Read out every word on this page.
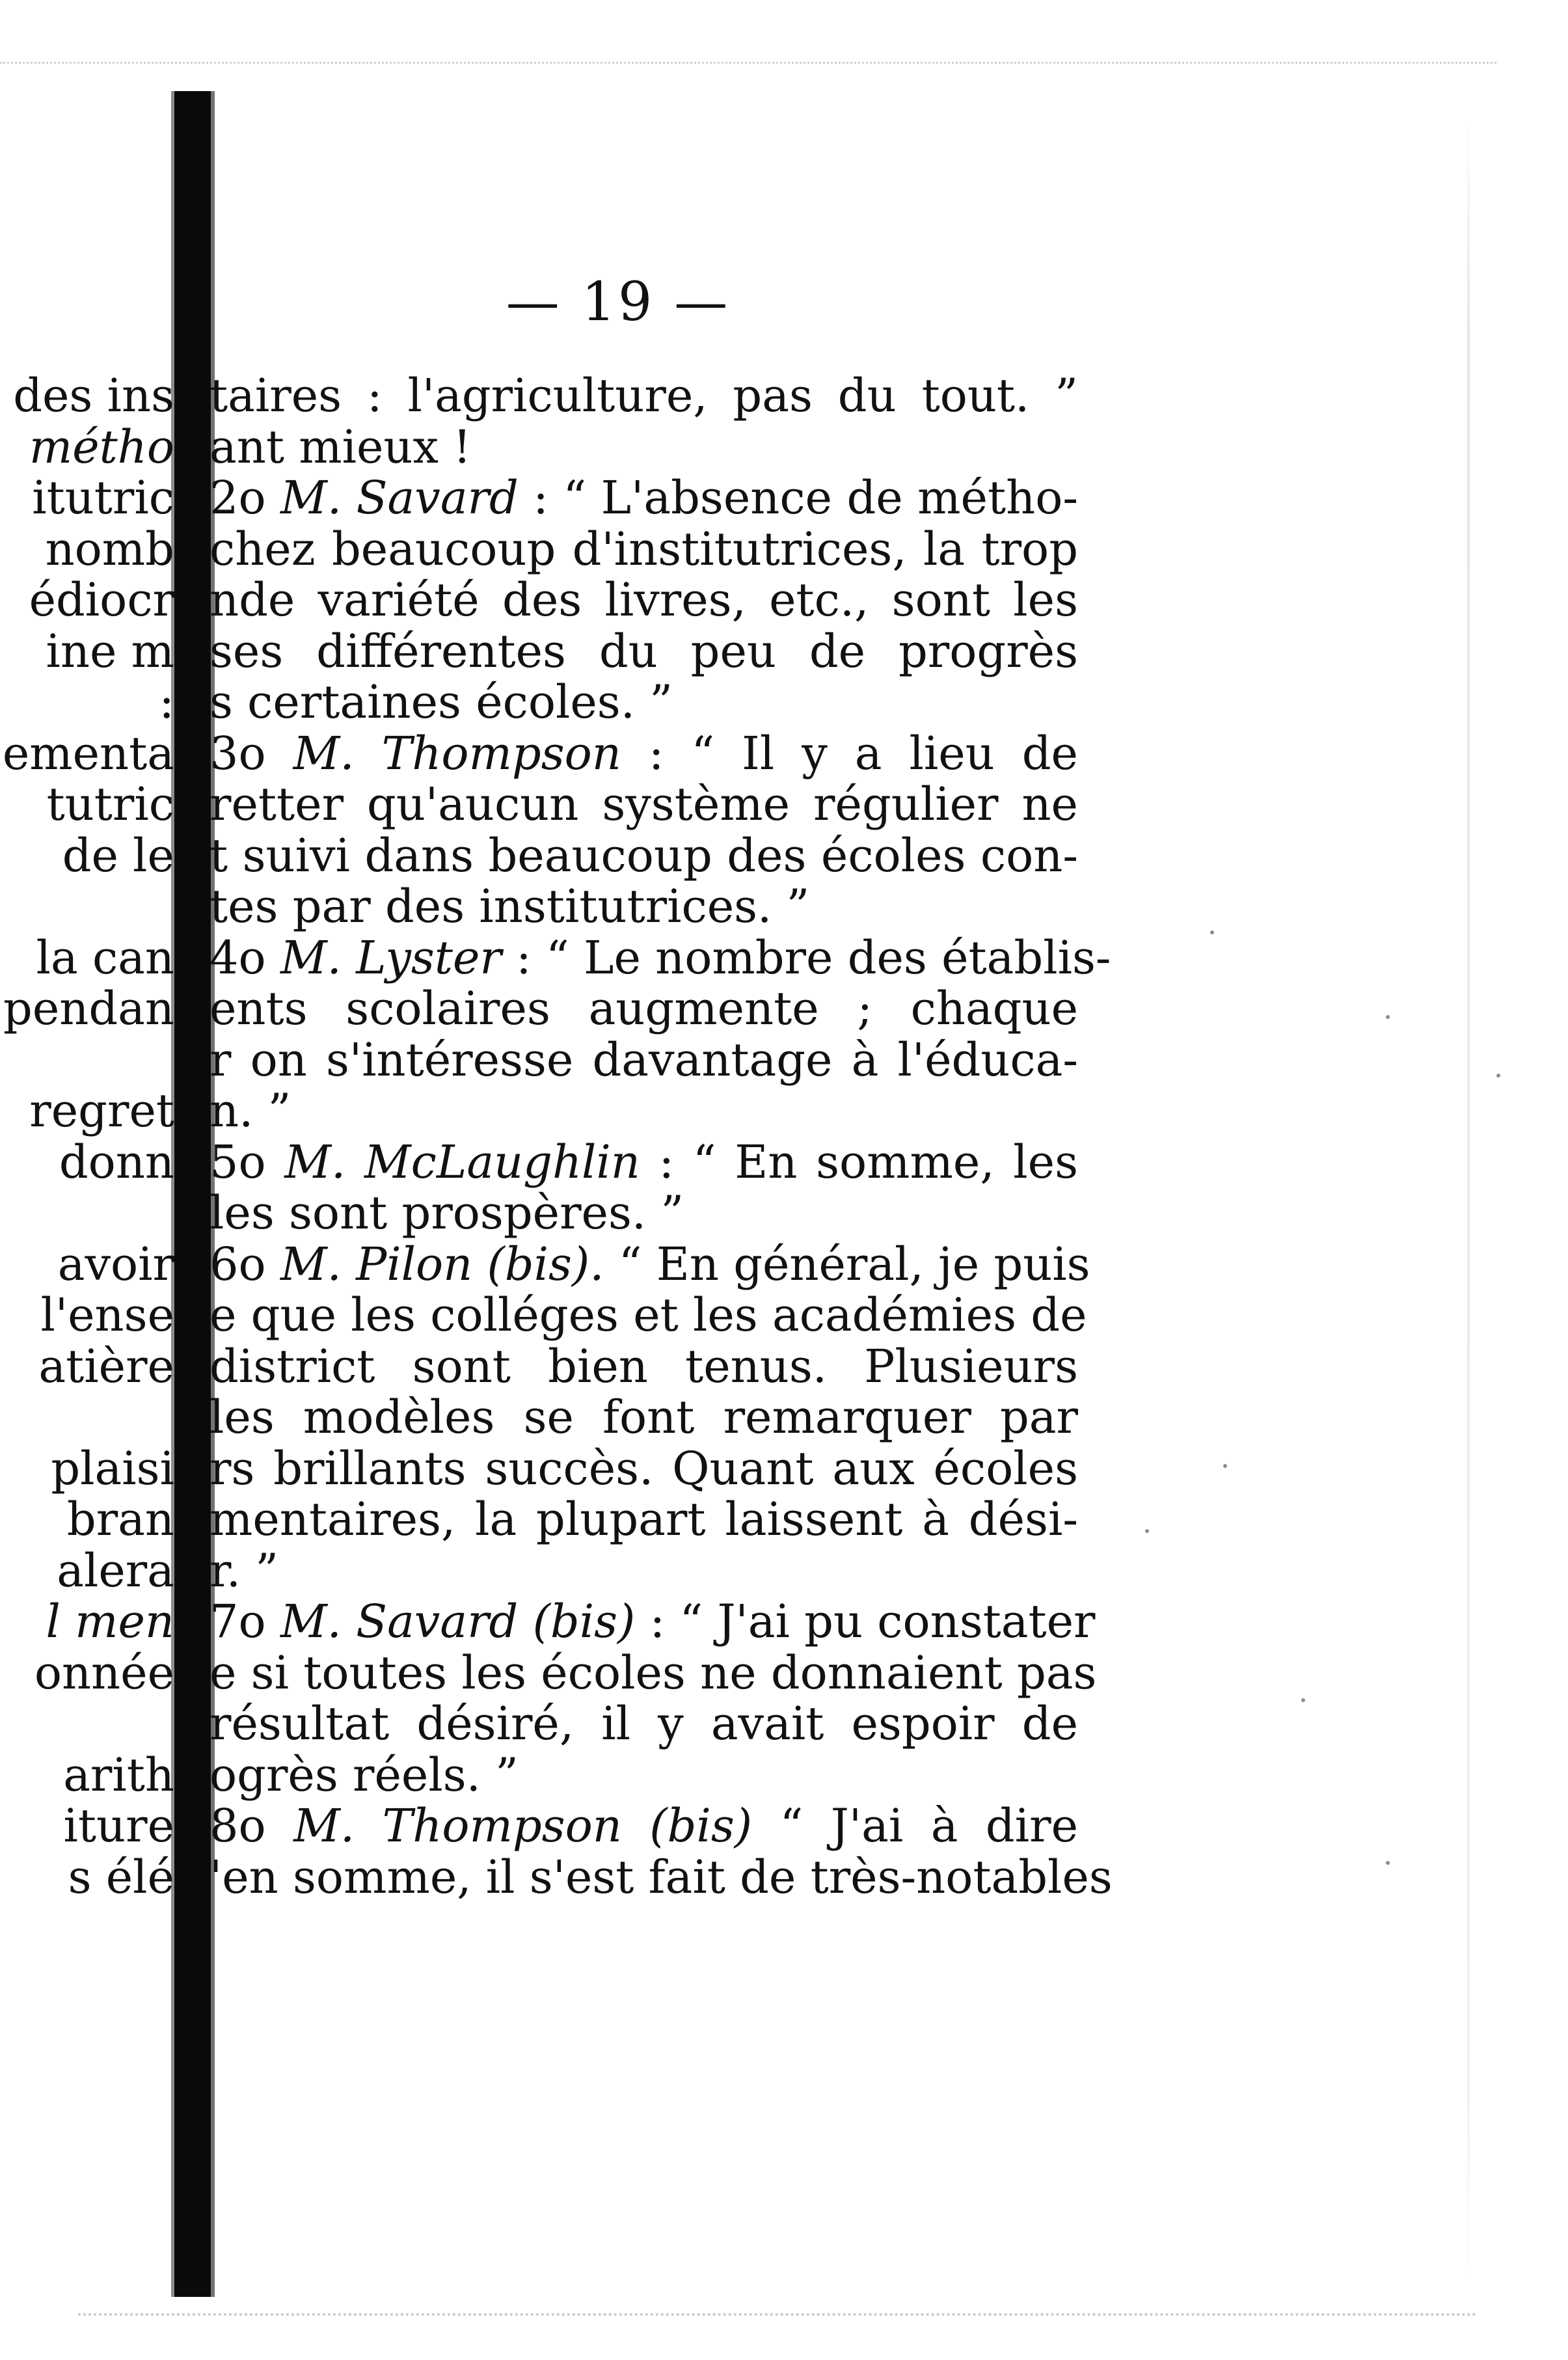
— 19 —
des ins
métho
itutric
nomb
édiocr
ine m
:
ementa
tutric
de le
la can
pendan
regret
donn
avoir
l'ense
atière
plaisi
bran
alera
l men
onnée
arith
iture
s élé
taires : l'agriculture, pas du tout. ”
ant mieux !
2o M. Savard : “ L'absence de métho-
chez beaucoup d'institutrices, la trop
nde variété des livres, etc., sont les
ses différentes du peu de progrès
s certaines écoles. ”
3o M. Thompson : “ Il y a lieu de
retter qu'aucun système régulier ne
t suivi dans beaucoup des écoles con-
tes par des institutrices. ”
4o M. Lyster : “ Le nombre des établis-
ents scolaires augmente ; chaque
r on s'intéresse davantage à l'éduca-
n. ”
5o M. McLaughlin : “ En somme, les
les sont prospères. ”
6o M. Pilon (bis). “ En général, je puis
e que les colléges et les académies de
district sont bien tenus. Plusieurs
les modèles se font remarquer par
rs brillants succès. Quant aux écoles
mentaires, la plupart laissent à dési-
r. ”
7o M. Savard (bis) : “ J'ai pu constater
e si toutes les écoles ne donnaient pas
résultat désiré, il y avait espoir de
ogrès réels. ”
8o M. Thompson (bis) “ J'ai à dire
'en somme, il s'est fait de très-notables
